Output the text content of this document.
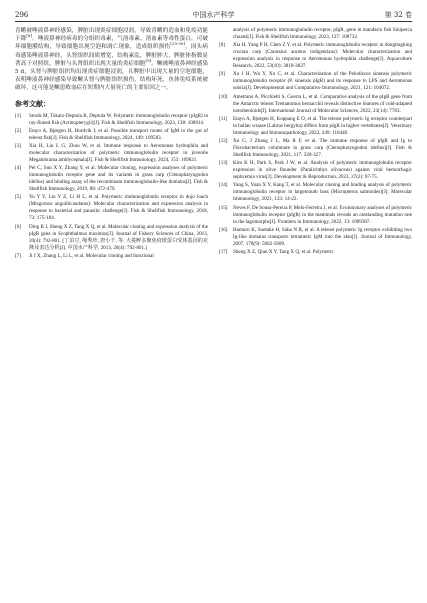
296	中国水产科学	第 32 卷

青鳉被唾液鼻神经感染，脾脏出现炎症细胞浸润，导致青鳉的造血和免疫功能下降[8]。唾液鼻神经病毒的分组织毒素，气溶毒素、溶血素等毒性蛋白，可破坏细胞膜结构，导致细胞出现空泡和凋亡现象，造成组织损伤[29-30]。因头病毒感染唾液鼻神经，头肾组织间质增宽，结构紊乱，脾脏肿大，脾脏体指数显著高于对照组，脾脏与头肾组织出现大量的炎症细胞[9]。鳜被唾液鼻神经感染 5 d，头肾与脾脏组织均出现炎症细胞浸润，且脾脏中出现大量的空泡细胞，表明唾液鼻神经感染导致鳜头肾与脾脏组织损伤，结构坏死，鱼体免疫系统被破坏，这可能是鳜患败血症在短期内大量死亡的主要原因之一。

参考文献：
[1] Stosik M, Tokarz-Deptula B, Deptula W. Polymeric immunoglobulin receptor (pIgR) in ray-finned fish (Actinopterygii)[J]. Fish & Shellfish Immunology, 2023, 138: 108814.
[2] Etayo A, Bjørgen H, Hordvik I, et al. Possible transport routes of IgM to the gut of teleost fish[J]. Fish & Shellfish Immunology, 2024, 149: 109583.
[3] Xia H, Liu L G, Zhou W, et al. Immune response to Aeromonas hydrophila and molecular characterization of polymeric immunoglobulin receptor in juvenile Megalobrama amblycephala[J]. Fish & Shellfish Immunology, 2024, 153: 109821.
[4] Pei C, Sun X Y, Zhang Y, et al. Molecular cloning, expression analyses of polymeric immunoglobulin receptor gene and its variants in grass carp (Ctenopharyngodon idellus) and binding assay of the recombinant immunoglobulin-like domains[J]. Fish & Shellfish Immunology, 2019, 88: 472-479.
[5] Yu Y Y, Liu Y Z, Li H L, et al. Polymeric immunoglobulin receptor in dojo loach (Misgurnus anguillicaudatus): Molecular characterization and expression analysis in response to bacterial and parasitic challenge[J]. Fish & Shellfish Immunology, 2018, 73: 175-184.
[6] Ding B J, Sheng X Z, Tang X Q, et al. Molecular cloning and expression analysis of the pIgR gene in Scophthalmus maximus[J]. Journal of Fishery Sciences of China, 2013, 20(4): 792-801. [丁泊豆, 绳秀珍, 唐小千, 等. 大菱鲆多聚免疫球蛋白受体基因的克隆及表达分析[J]. 中国水产科学, 2013, 20(4): 792-801.]
[7] Ji J X, Zhang L, Li L, et al. Molecular cloning and functional
analysis of polymeric immunoglobulin receptor, pIgR, gene in mandarin fish Siniperca chuatsi[J]. Fish & Shellfish Immunology, 2023, 137: 108732.
[8] Xia H, Yang P H, Chen Z Y, et al. Polymeric immunoglobulin receptor in dongtingking crucian carp (Carassius auratus indigentiaus): Molecular characterization and expression analysis in response to Aeromonas hydrophila challenge[J]. Aquaculture Research, 2022, 53(10): 3818-3827.
[9] Xu J H, Wu Y, Xu C, et al. Characterization of the Pelodiscus sinensis polymeric immunoglobulin receptor (P. sinensis pIgR) and its response to LPS and Aeromonas sobria[J]. Developmental and Comparative Immunology, 2021, 121: 104072.
[10] Ametrano A, Picchietti S, Guerra L, et al. Comparative analysis of the pIgR gene from the Antarctic teleost Trematomus bernacchii reveals distinctive features of cold-adapted notothenioids[J]. International Journal of Molecular Sciences, 2022, 23(14): 7783.
[11] Etayo A, Bjørgen H, Koppang E O, et al. The teleost polymeric Ig receptor counterpart in ballan wrasse (Labrus bergylta) differs from pIgR in higher vertebrates[J]. Veterinary Immunology and Immunopathology, 2022, 249: 110440.
[12] Xu G, J Zhang J L, Ma R F, et al. The immune response of pIgR and Ig to Flavobacterium columnare in grass carp (Ctenopharyngodon idellus)[J]. Fish & Shellfish Immunology, 2021, 117: 320-327.
[13] Kim K H, Park S, Park J W, et al. Analysis of polymeric immunoglobulin receptor expression in olive flounder (Paralichthys olivaceus) against viral hemorrhagic septicemia virus[J]. Development & Reproduction, 2023, 27(2): 67-75.
[14] Yang S, Yuan X Y, Kang T, et al. Molecular cloning and binding analysis of polymeric immunoglobulin receptor in largemouth bass (Micropterus salmoides)[J]. Molecular Immunology, 2021, 133: 14-22.
[15] Neves F, De Sousa-Pereira P, Melo-Ferreira J, et al. Evolutionary analyses of polymeric immunoglobulin receptor (pIgR) in the mammals reveals an outstanding mutation rate in the lagomorphs[J]. Frontiers in Immunology, 2022, 13: 1009387.
[16] Hamuro K, Suetake H, Saha N R, et al. A teleost polymeric Ig receptor exhibiting two Ig-like domains transports tetrameric IgM into the skin[J]. Journal of Immunology, 2007, 178(9): 5682-5689.
[17] Sheng X Z, Qian X Y, Tang X Q, et al. Polymeric
